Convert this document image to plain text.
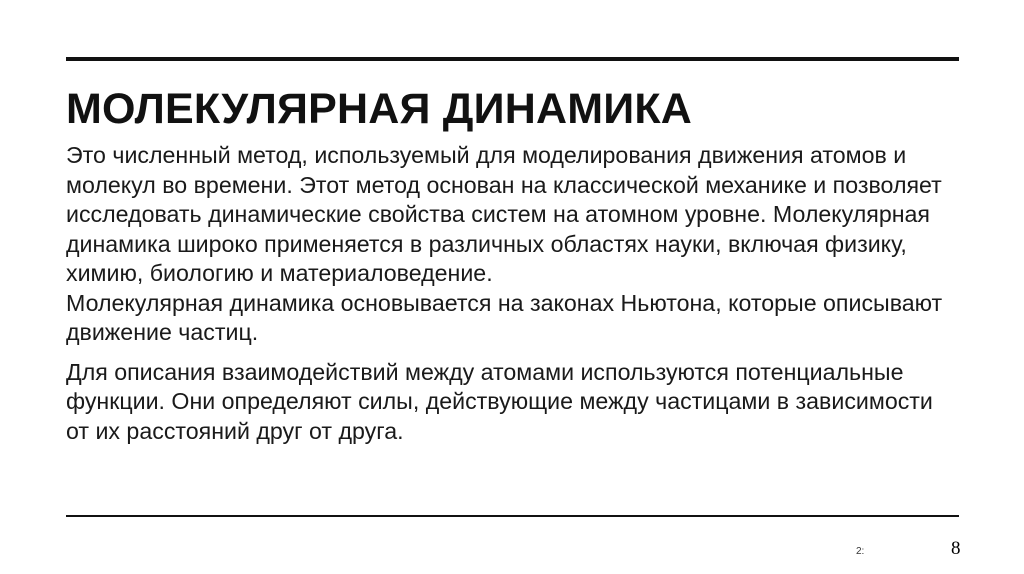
МОЛЕКУЛЯРНАЯ ДИНАМИКА

Это численный метод, используемый для моделирования движения атомов и молекул во времени. Этот метод основан на классической механике и позволяет исследовать динамические свойства систем на атомном уровне. Молекулярная динамика широко применяется в различных областях науки, включая физику, химию, биологию и материаловедение.

Молекулярная динамика основывается на законах Ньютона, которые описывают движение частиц.

Для описания взаимодействий между атомами используются потенциальные функции. Они определяют силы, действующие между частицами в зависимости от их расстояний друг от друга.

2:	8
